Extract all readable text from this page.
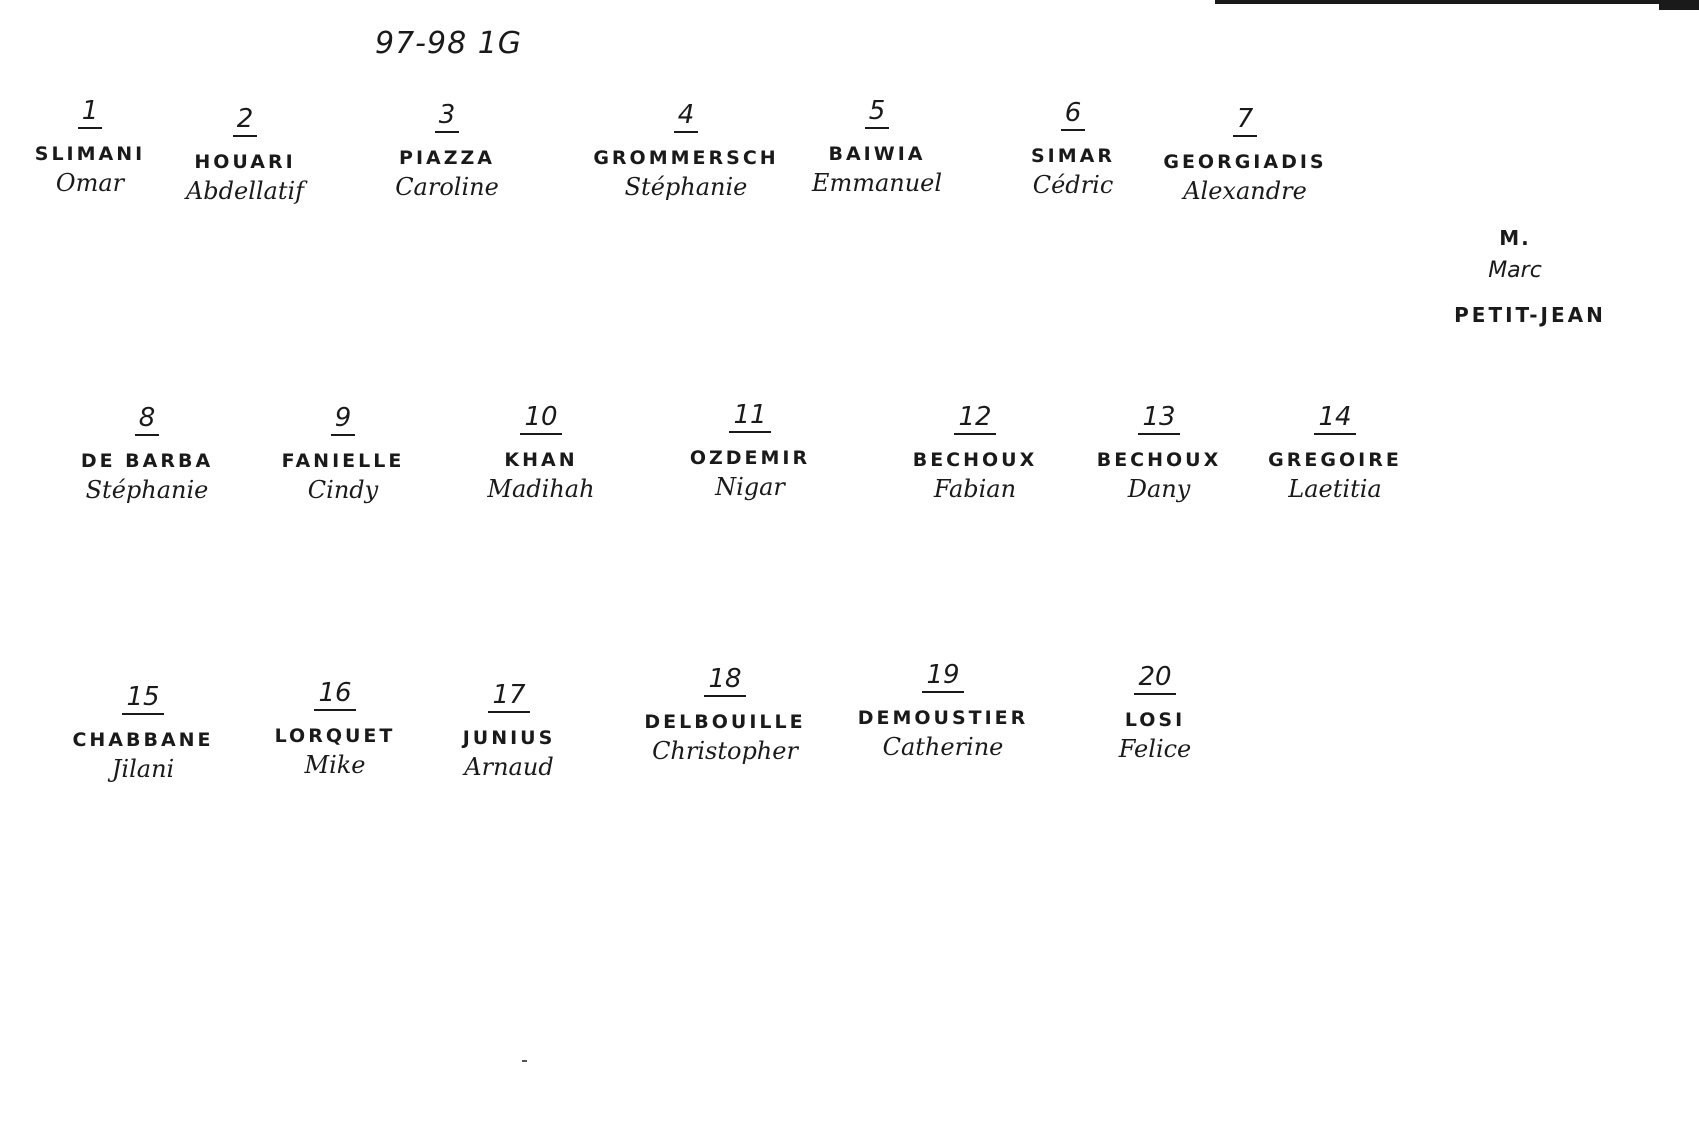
97-98 1G
1
SLIMANI
Omar
2
HOUARI
Abdellatif
3
PIAZZA
Caroline
4
GROMMERSCH
Stéphanie
5
BAIWIA
Emmanuel
6
SIMAR
Cédric
7
GEORGIADIS
Alexandre
M.
Marc
PETIT-JEAN
8
DE BARBA
Stéphanie
9
FANIELLE
Cindy
10
KHAN
Madihah
11
OZDEMIR
Nigar
12
BECHOUX
Fabian
13
BECHOUX
Dany
14
GREGOIRE
Laetitia
15
CHABBANE
Jilani
16
LORQUET
Mike
17
JUNIUS
Arnaud
18
DELBOUILLE
Christopher
19
DEMOUSTIER
Catherine
20
LOSI
Felice
